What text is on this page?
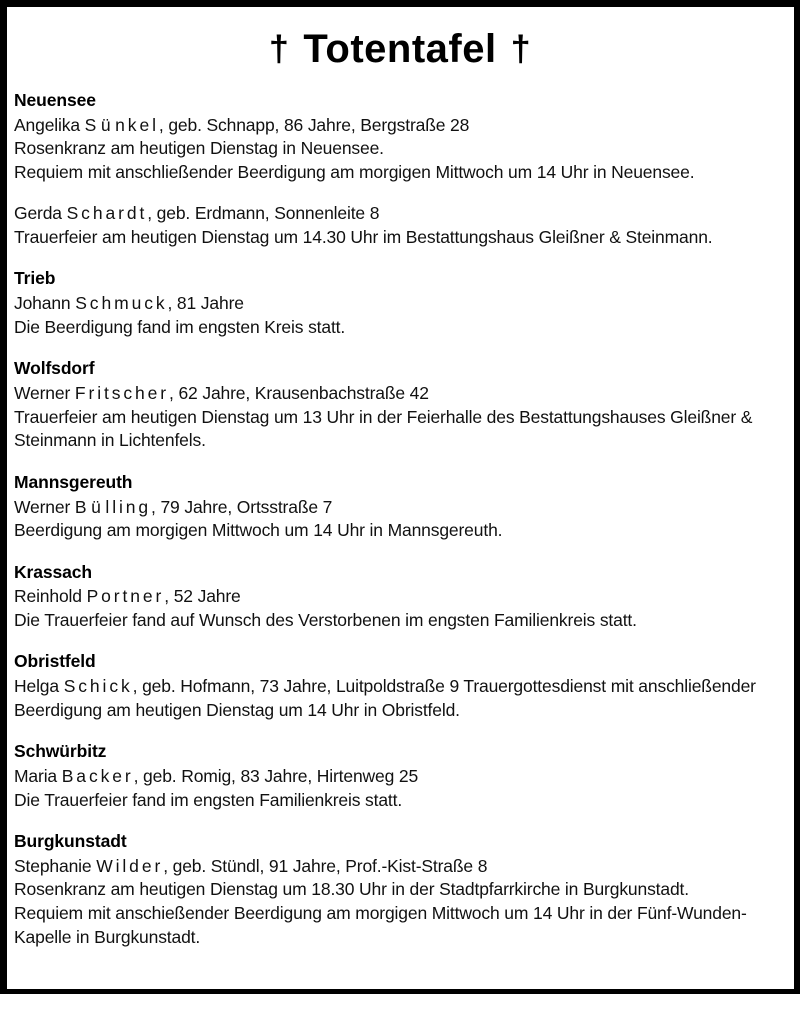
† Totentafel †
Neuensee

Angelika S ü nkel, geb. Schnapp, 86 Jahre, Bergstraße 28

Rosenkranz am heutigen Dienstag in Neuensee.

Requiem mit anschließender Beerdigung am morgigen Mittwoch um 14 Uhr in Neuensee.

Gerda Schardt, geb. Erdmann, Sonnenleite 8

Trauerfeier am heutigen Dienstag um 14.30 Uhr im Bestattungshaus Gleißner & Steinmann.

Trieb

Johann Schmuck, 81 Jahre

Die Beerdigung fand im engsten Kreis statt.

Wolfsdorf

Werner Fritscher, 62 Jahre, Krausenbachstraße 42

Trauerfeier am heutigen Dienstag um 13 Uhr in der Feierhalle des Bestattungshauses Gleißner & Steinmann in Lichtenfels.

Mannsgereuth

Werner B ü lling, 79 Jahre, Ortsstraße 7

Beerdigung am morgigen Mittwoch um 14 Uhr in Mannsgereuth.

Krassach

Reinhold Portner, 52 Jahre

Die Trauerfeier fand auf Wunsch des Verstorbenen im engsten Familienkreis statt.

Obristfeld

Helga Schick, geb. Hofmann, 73 Jahre, Luitpoldstraße 9 Trauergottesdienst mit anschließender Beerdigung am heutigen Dienstag um 14 Uhr in Obristfeld.

Schwürbitz

Maria Backer, geb. Romig, 83 Jahre, Hirtenweg 25

Die Trauerfeier fand im engsten Familienkreis statt.

Burgkunstadt

Stephanie Wilder, geb. Stündl, 91 Jahre, Prof.-Kist-Straße 8

Rosenkranz am heutigen Dienstag um 18.30 Uhr in der Stadtpfarrkirche in Burgkunstadt.

Requiem mit anschießender Beerdigung am morgigen Mittwoch um 14 Uhr in der Fünf-Wunden-Kapelle in Burgkunstadt.
